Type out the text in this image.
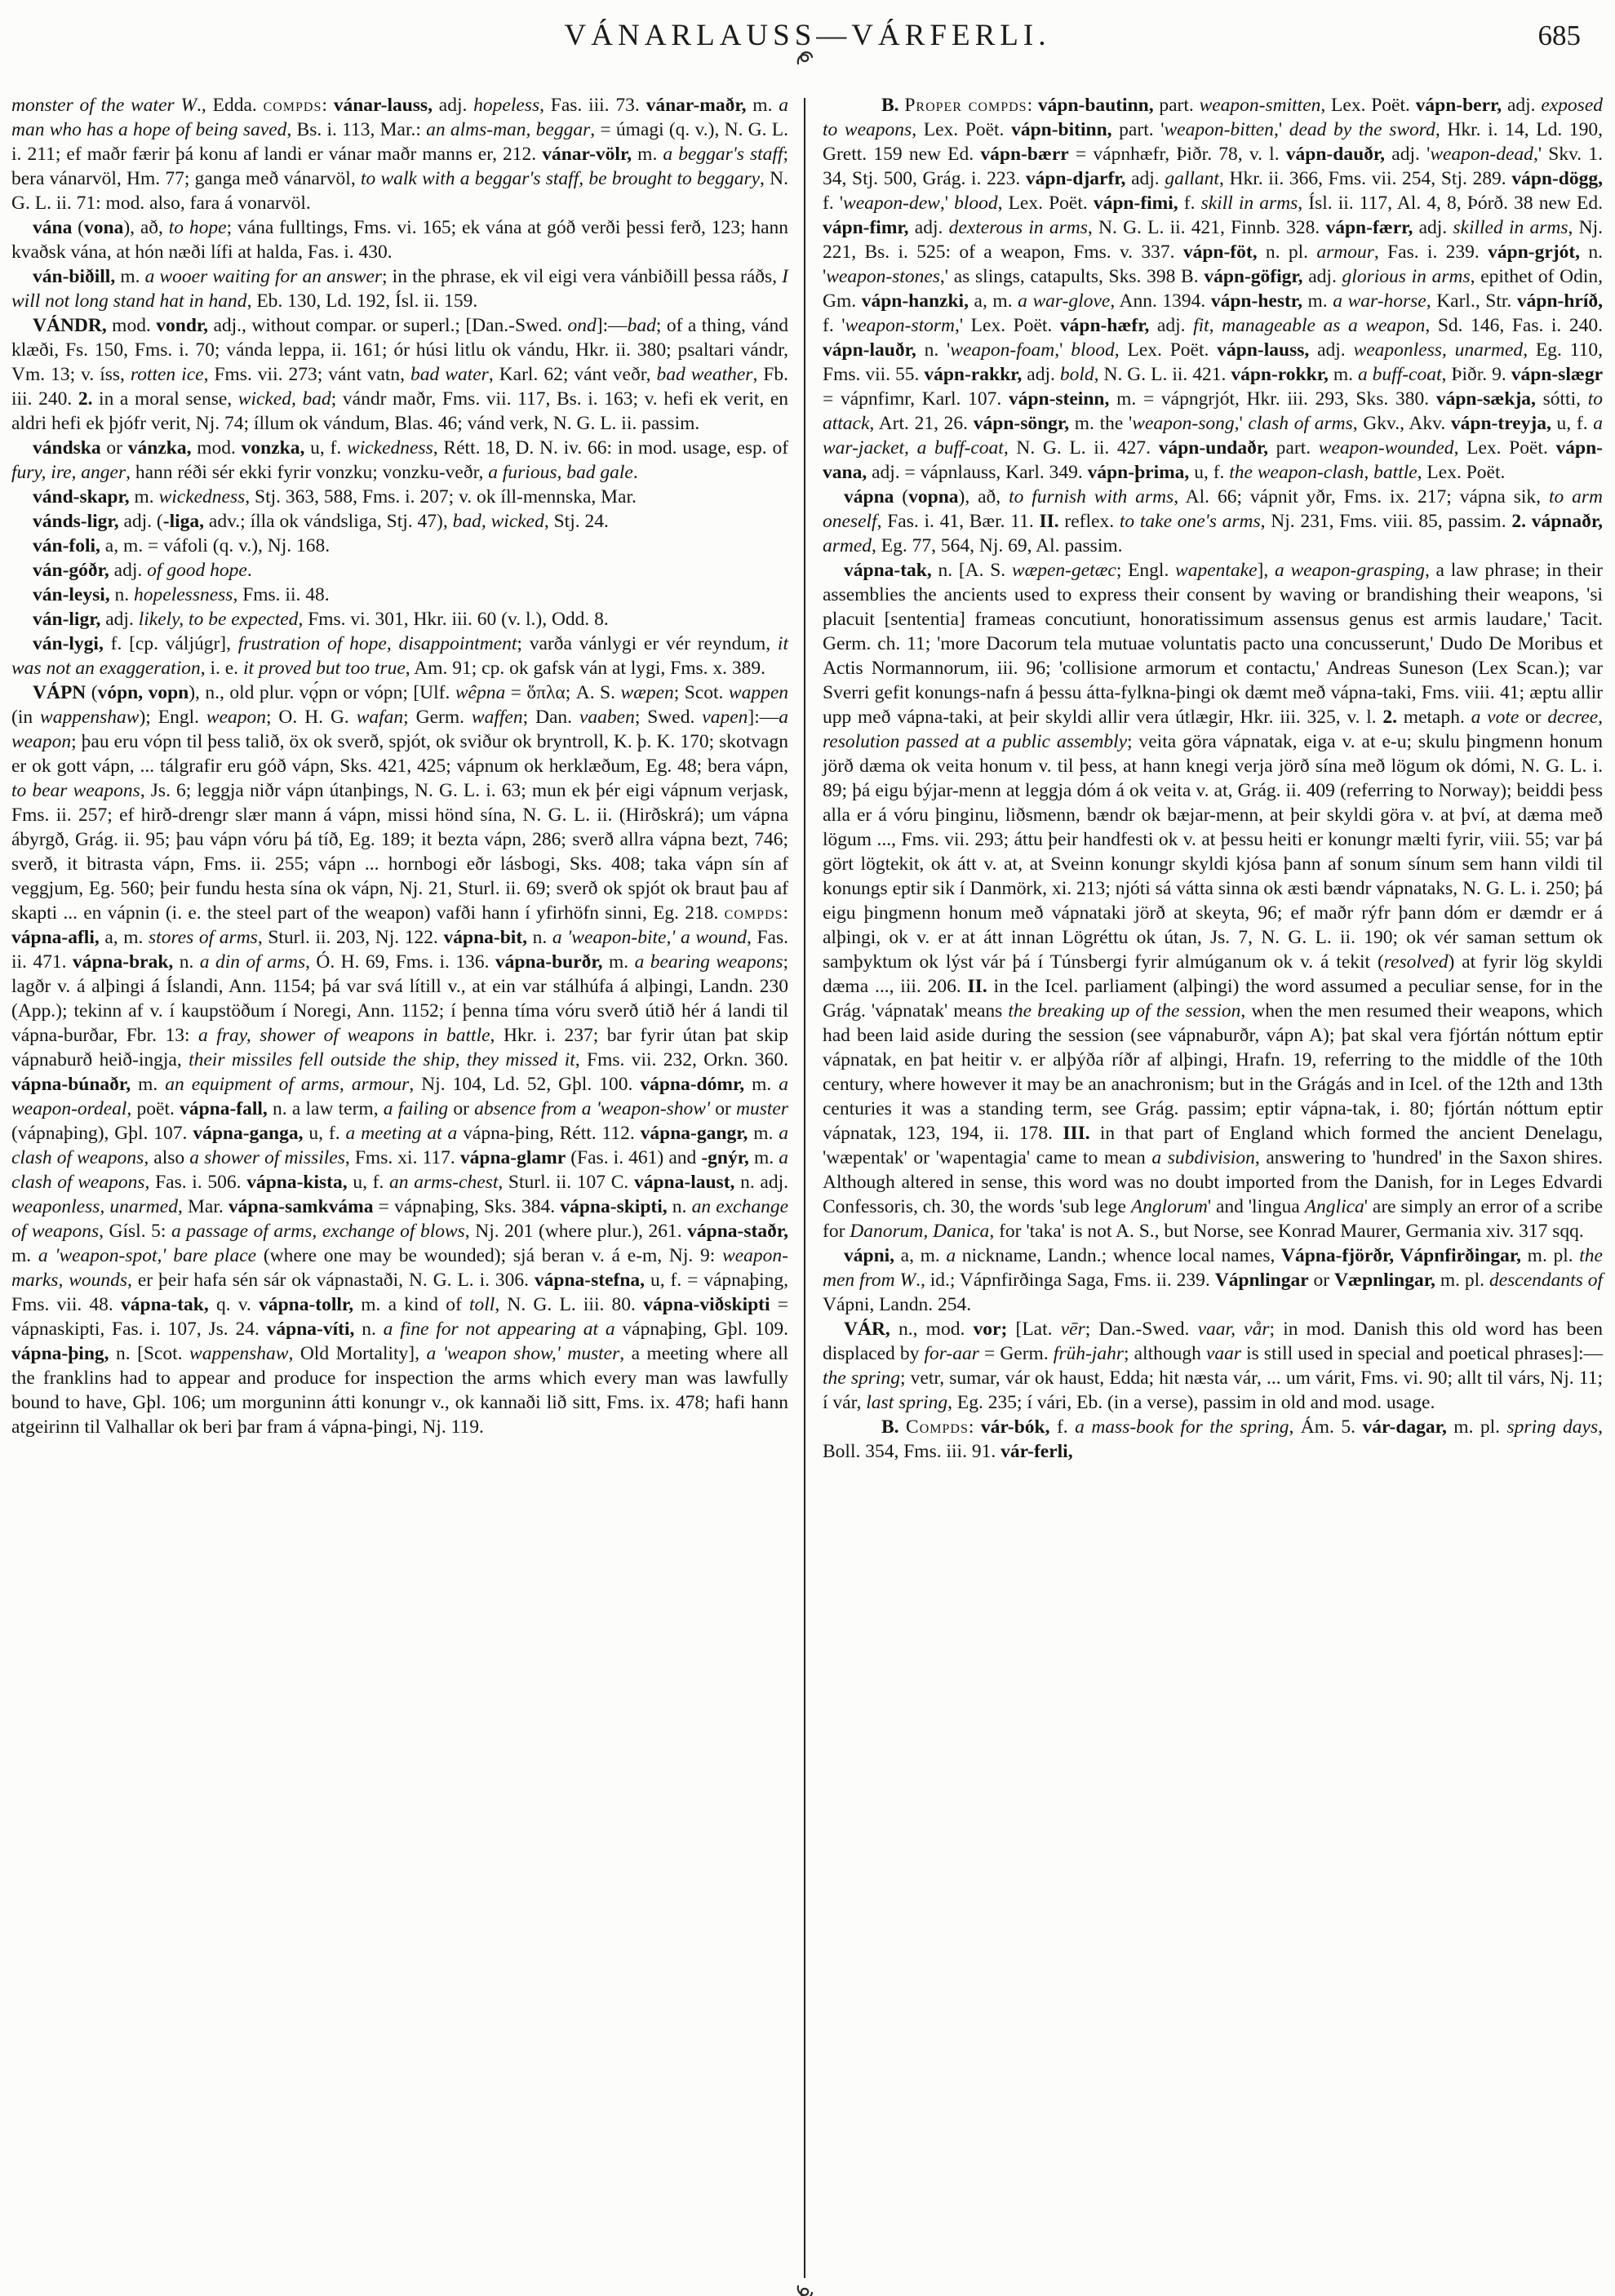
VÁNARLAUSS—VÁRFERLI.	685

monster of the water W., Edda. compds: vánar-lauss, adj. hopeless, Fas. iii. 73. vánar-maðr, m. a man who has a hope of being saved, Bs. i. 113, Mar.: an alms-man, beggar, = úmagi (q. v.), N. G. L. i. 211; ef maðr færir þá konu af landi er vánar maðr manns er, 212. vánar-völr, m. a beggar's staff; bera vánarvöl, Hm. 77; ganga með vánarvöl, to walk with a beggar's staff, be brought to beggary, N. G. L. ii. 71: mod. also, fara á vonarvöl.

vána (vona), að, to hope; vána fulltings, Fms. vi. 165; ek vána at góð verði þessi ferð, 123; hann kvaðsk vána, at hón næði lífi at halda, Fas. i. 430.

ván-biðill, m. a wooer waiting for an answer; in the phrase, ek vil eigi vera vánbiðill þessa ráðs, I will not long stand hat in hand, Eb. 130, Ld. 192, Ísl. ii. 159.

VÁNDR, mod. vondr, adj., without compar. or superl.; [Dan.-Swed. ond]:—bad; of a thing, vánd klæði, Fs. 150, Fms. i. 70; vánda leppa, ii. 161; ór húsi litlu ok vándu, Hkr. ii. 380; psaltari vándr, Vm. 13; v. íss, rotten ice, Fms. vii. 273; vánt vatn, bad water, Karl. 62; vánt veðr, bad weather, Fb. iii. 240. 2. in a moral sense, wicked, bad; vándr maðr, Fms. vii. 117, Bs. i. 163; v. hefi ek verit, en aldri hefi ek þjófr verit, Nj. 74; íllum ok vándum, Blas. 46; vánd verk, N. G. L. ii. passim.

vándska or vánzka, mod. vonzka, u, f. wickedness, Rétt. 18, D. N. iv. 66: in mod. usage, esp. of fury, ire, anger, hann réði sér ekki fyrir vonzku; vonzku-veðr, a furious, bad gale.

vánd-skapr, m. wickedness, Stj. 363, 588, Fms. i. 207; v. ok íll-mennska, Mar.

vánds-ligr, adj. (-liga, adv.; ílla ok vándsliga, Stj. 47), bad, wicked, Stj. 24.

ván-foli, a, m. = váfoli (q. v.), Nj. 168.

ván-góðr, adj. of good hope.

ván-leysi, n. hopelessness, Fms. ii. 48.

ván-ligr, adj. likely, to be expected, Fms. vi. 301, Hkr. iii. 60 (v. l.), Odd. 8.

ván-lygi, f. [cp. váljúgr], frustration of hope, disappointment; varða vánlygi er vér reyndum, it was not an exaggeration, i. e. it proved but too true, Am. 91; cp. ok gafsk ván at lygi, Fms. x. 389.

VÁPN (vópn, vopn), n., old plur. vǫ́pn or vópn; [Ulf. wêpna = ὅπλα; A. S. wæpen; Scot. wappen (in wappenshaw); Engl. weapon; O. H. G. wafan; Germ. waffen; Dan. vaaben; Swed. vapen]:—a weapon; þau eru vópn til þess talið, öx ok sverð, spjót, ok sviður ok bryntroll, K. þ. K. 170; skotvagn er ok gott vápn, ... tálgrafir eru góð vápn, Sks. 421, 425; vápnum ok herklæðum, Eg. 48; bera vápn, to bear weapons, Js. 6; leggja niðr vápn útanþings, N. G. L. i. 63; mun ek þér eigi vápnum verjask, Fms. ii. 257; ef hirð-drengr slær mann á vápn, missi hönd sína, N. G. L. ii. (Hirðskrá); um vápna ábyrgð, Grág. ii. 95; þau vápn vóru þá tíð, Eg. 189; it bezta vápn, 286; sverð allra vápna bezt, 746; sverð, it bitrasta vápn, Fms. ii. 255; vápn ... hornbogi eðr lásbogi, Sks. 408; taka vápn sín af veggjum, Eg. 560; þeir fundu hesta sína ok vápn, Nj. 21, Sturl. ii. 69; sverð ok spjót ok braut þau af skapti ... en vápnin (i. e. the steel part of the weapon) vafði hann í yfirhöfn sinni, Eg. 218. compds: vápna-afli, a, m. stores of arms, Sturl. ii. 203, Nj. 122. vápna-bit, n. a 'weapon-bite,' a wound, Fas. ii. 471. vápna-brak, n. a din of arms, Ó. H. 69, Fms. i. 136. vápna-burðr, m. a bearing weapons; lagðr v. á alþingi á Íslandi, Ann. 1154; þá var svá lítill v., at ein var stálhúfa á alþingi, Landn. 230 (App.); tekinn af v. í kaupstöðum í Noregi, Ann. 1152; í þenna tíma vóru sverð útið hér á landi til vápna-burðar, Fbr. 13: a fray, shower of weapons in battle, Hkr. i. 237; bar fyrir útan þat skip vápnaburð heið-ingja, their missiles fell outside the ship, they missed it, Fms. vii. 232, Orkn. 360. vápna-búnaðr, m. an equipment of arms, armour, Nj. 104, Ld. 52, Gþl. 100. vápna-dómr, m. a weapon-ordeal, poët. vápna-fall, n. a law term, a failing or absence from a 'weapon-show' or muster (vápnaþing), Gþl. 107. vápna-ganga, u, f. a meeting at a vápna-þing, Rétt. 112. vápna-gangr, m. a clash of weapons, also a shower of missiles, Fms. xi. 117. vápna-glamr (Fas. i. 461) and -gnýr, m. a clash of weapons, Fas. i. 506. vápna-kista, u, f. an arms-chest, Sturl. ii. 107 C. vápna-laust, n. adj. weaponless, unarmed, Mar. vápna-samkváma = vápnaþing, Sks. 384. vápna-skipti, n. an exchange of weapons, Gísl. 5: a passage of arms, exchange of blows, Nj. 201 (where plur.), 261. vápna-staðr, m. a 'weapon-spot,' bare place (where one may be wounded); sjá beran v. á e-m, Nj. 9: weapon-marks, wounds, er þeir hafa sén sár ok vápnastaði, N. G. L. i. 306. vápna-stefna, u, f. = vápnaþing, Fms. vii. 48. vápna-tak, q. v. vápna-tollr, m. a kind of toll, N. G. L. iii. 80. vápna-viðskipti = vápnaskipti, Fas. i. 107, Js. 24. vápna-víti, n. a fine for not appearing at a vápnaþing, Gþl. 109. vápna-þing, n. [Scot. wappenshaw, Old Mortality], a 'weapon show,' muster, a meeting where all the franklins had to appear and produce for inspection the arms which every man was lawfully bound to have, Gþl. 106; um morguninn átti konungr v., ok kannaði lið sitt, Fms. ix. 478; hafi hann atgeirinn til Valhallar ok beri þar fram á vápna-þingi, Nj. 119.

B. Proper compds: vápn-bautinn, part. weapon-smitten, Lex. Poët. vápn-berr, adj. exposed to weapons, Lex. Poët. vápn-bitinn, part. 'weapon-bitten,' dead by the sword, Hkr. i. 14, Ld. 190, Grett. 159 new Ed. vápn-bærr = vápnhæfr, Þiðr. 78, v. l. vápn-dauðr, adj. 'weapon-dead,' Skv. 1. 34, Stj. 500, Grág. i. 223. vápn-djarfr, adj. gallant, Hkr. ii. 366, Fms. vii. 254, Stj. 289. vápn-dögg, f. 'weapon-dew,' blood, Lex. Poët. vápn-fimi, f. skill in arms, Ísl. ii. 117, Al. 4, 8, Þórð. 38 new Ed. vápn-fimr, adj. dexterous in arms, N. G. L. ii. 421, Finnb. 328. vápn-færr, adj. skilled in arms, Nj. 221, Bs. i. 525: of a weapon, Fms. v. 337. vápn-föt, n. pl. armour, Fas. i. 239. vápn-grjót, n. 'weapon-stones,' as slings, catapults, Sks. 398 B. vápn-göfigr, adj. glorious in arms, epithet of Odin, Gm. vápn-hanzki, a, m. a war-glove, Ann. 1394. vápn-hestr, m. a war-horse, Karl., Str. vápn-hríð, f. 'weapon-storm,' Lex. Poët. vápn-hæfr, adj. fit, manageable as a weapon, Sd. 146, Fas. i. 240. vápn-lauðr, n. 'weapon-foam,' blood, Lex. Poët. vápn-lauss, adj. weaponless, unarmed, Eg. 110, Fms. vii. 55. vápn-rakkr, adj. bold, N. G. L. ii. 421. vápn-rokkr, m. a buff-coat, Þiðr. 9. vápn-slægr = vápnfimr, Karl. 107. vápn-steinn, m. = vápngrjót, Hkr. iii. 293, Sks. 380. vápn-sækja, sótti, to attack, Art. 21, 26. vápn-söngr, m. the 'weapon-song,' clash of arms, Gkv., Akv. vápn-treyja, u, f. a war-jacket, a buff-coat, N. G. L. ii. 427. vápn-undaðr, part. weapon-wounded, Lex. Poët. vápn-vana, adj. = vápnlauss, Karl. 349. vápn-þrima, u, f. the weapon-clash, battle, Lex. Poët.

vápna (vopna), að, to furnish with arms, Al. 66; vápnit yðr, Fms. ix. 217; vápna sik, to arm oneself, Fas. i. 41, Bær. 11. II. reflex. to take one's arms, Nj. 231, Fms. viii. 85, passim. 2. vápnaðr, armed, Eg. 77, 564, Nj. 69, Al. passim.

vápna-tak, n. [A. S. wæpen-getæc; Engl. wapentake], a weapon-grasping, a law phrase; in their assemblies the ancients used to express their consent by waving or brandishing their weapons, 'si placuit [sententia] frameas concutiunt, honoratissimum assensus genus est armis laudare,' Tacit. Germ. ch. 11; 'more Dacorum tela mutuae voluntatis pacto una concusserunt,' Dudo De Moribus et Actis Normannorum, iii. 96; 'collisione armorum et contactu,' Andreas Suneson (Lex Scan.); var Sverri gefit konungs-nafn á þessu átta-fylkna-þingi ok dæmt með vápna-taki, Fms. viii. 41; æptu allir upp með vápna-taki, at þeir skyldi allir vera útlægir, Hkr. iii. 325, v. l. 2. metaph. a vote or decree, resolution passed at a public assembly; veita göra vápnatak, eiga v. at e-u; skulu þingmenn honum jörð dæma ok veita honum v. til þess, at hann knegi verja jörð sína með lögum ok dómi, N. G. L. i. 89; þá eigu býjar-menn at leggja dóm á ok veita v. at, Grág. ii. 409 (referring to Norway); beiddi þess alla er á vóru þinginu, liðsmenn, bændr ok bæjar-menn, at þeir skyldi göra v. at því, at dæma með lögum ..., Fms. vii. 293; áttu þeir handfesti ok v. at þessu heiti er konungr mælti fyrir, viii. 55; var þá gört lögtekit, ok átt v. at, at Sveinn konungr skyldi kjósa þann af sonum sínum sem hann vildi til konungs eptir sik í Danmörk, xi. 213; njóti sá vátta sinna ok æsti bændr vápnataks, N. G. L. i. 250; þá eigu þingmenn honum með vápnataki jörð at skeyta, 96; ef maðr rýfr þann dóm er dæmdr er á alþingi, ok v. er at átt innan Lögréttu ok útan, Js. 7, N. G. L. ii. 190; ok vér saman settum ok samþyktum ok lýst vár þá í Túnsbergi fyrir almúganum ok v. á tekit (resolved) at fyrir lög skyldi dæma ..., iii. 206. II. in the Icel. parliament (alþingi) the word assumed a peculiar sense, for in the Grág. 'vápnatak' means the breaking up of the session, when the men resumed their weapons, which had been laid aside during the session (see vápnaburðr, vápn A); þat skal vera fjórtán nóttum eptir vápnatak, en þat heitir v. er alþýða ríðr af alþingi, Hrafn. 19, referring to the middle of the 10th century, where however it may be an anachronism; but in the Grágás and in Icel. of the 12th and 13th centuries it was a standing term, see Grág. passim; eptir vápna-tak, i. 80; fjórtán nóttum eptir vápnatak, 123, 194, ii. 178. III. in that part of England which formed the ancient Denelagu, 'wæpentak' or 'wapentagia' came to mean a subdivision, answering to 'hundred' in the Saxon shires. Although altered in sense, this word was no doubt imported from the Danish, for in Leges Edvardi Confessoris, ch. 30, the words 'sub lege Anglorum' and 'lingua Anglica' are simply an error of a scribe for Danorum, Danica, for 'taka' is not A. S., but Norse, see Konrad Maurer, Germania xiv. 317 sqq.

vápni, a, m. a nickname, Landn.; whence local names, Vápna-fjörðr, Vápnfirðingar, m. pl. the men from W., id.; Vápnfirðinga Saga, Fms. ii. 239. Vápnlingar or Væpnlingar, m. pl. descendants of Vápni, Landn. 254.

VÁR, n., mod. vor; [Lat. vēr; Dan.-Swed. vaar, vår; in mod. Danish this old word has been displaced by for-aar = Germ. früh-jahr; although vaar is still used in special and poetical phrases]:—the spring; vetr, sumar, vár ok haust, Edda; hit næsta vár, ... um várit, Fms. vi. 90; allt til várs, Nj. 11; í vár, last spring, Eg. 235; í vári, Eb. (in a verse), passim in old and mod. usage.

B. Compds: vár-bók, f. a mass-book for the spring, Ám. 5. vár-dagar, m. pl. spring days, Boll. 354, Fms. iii. 91. vár-ferli,
